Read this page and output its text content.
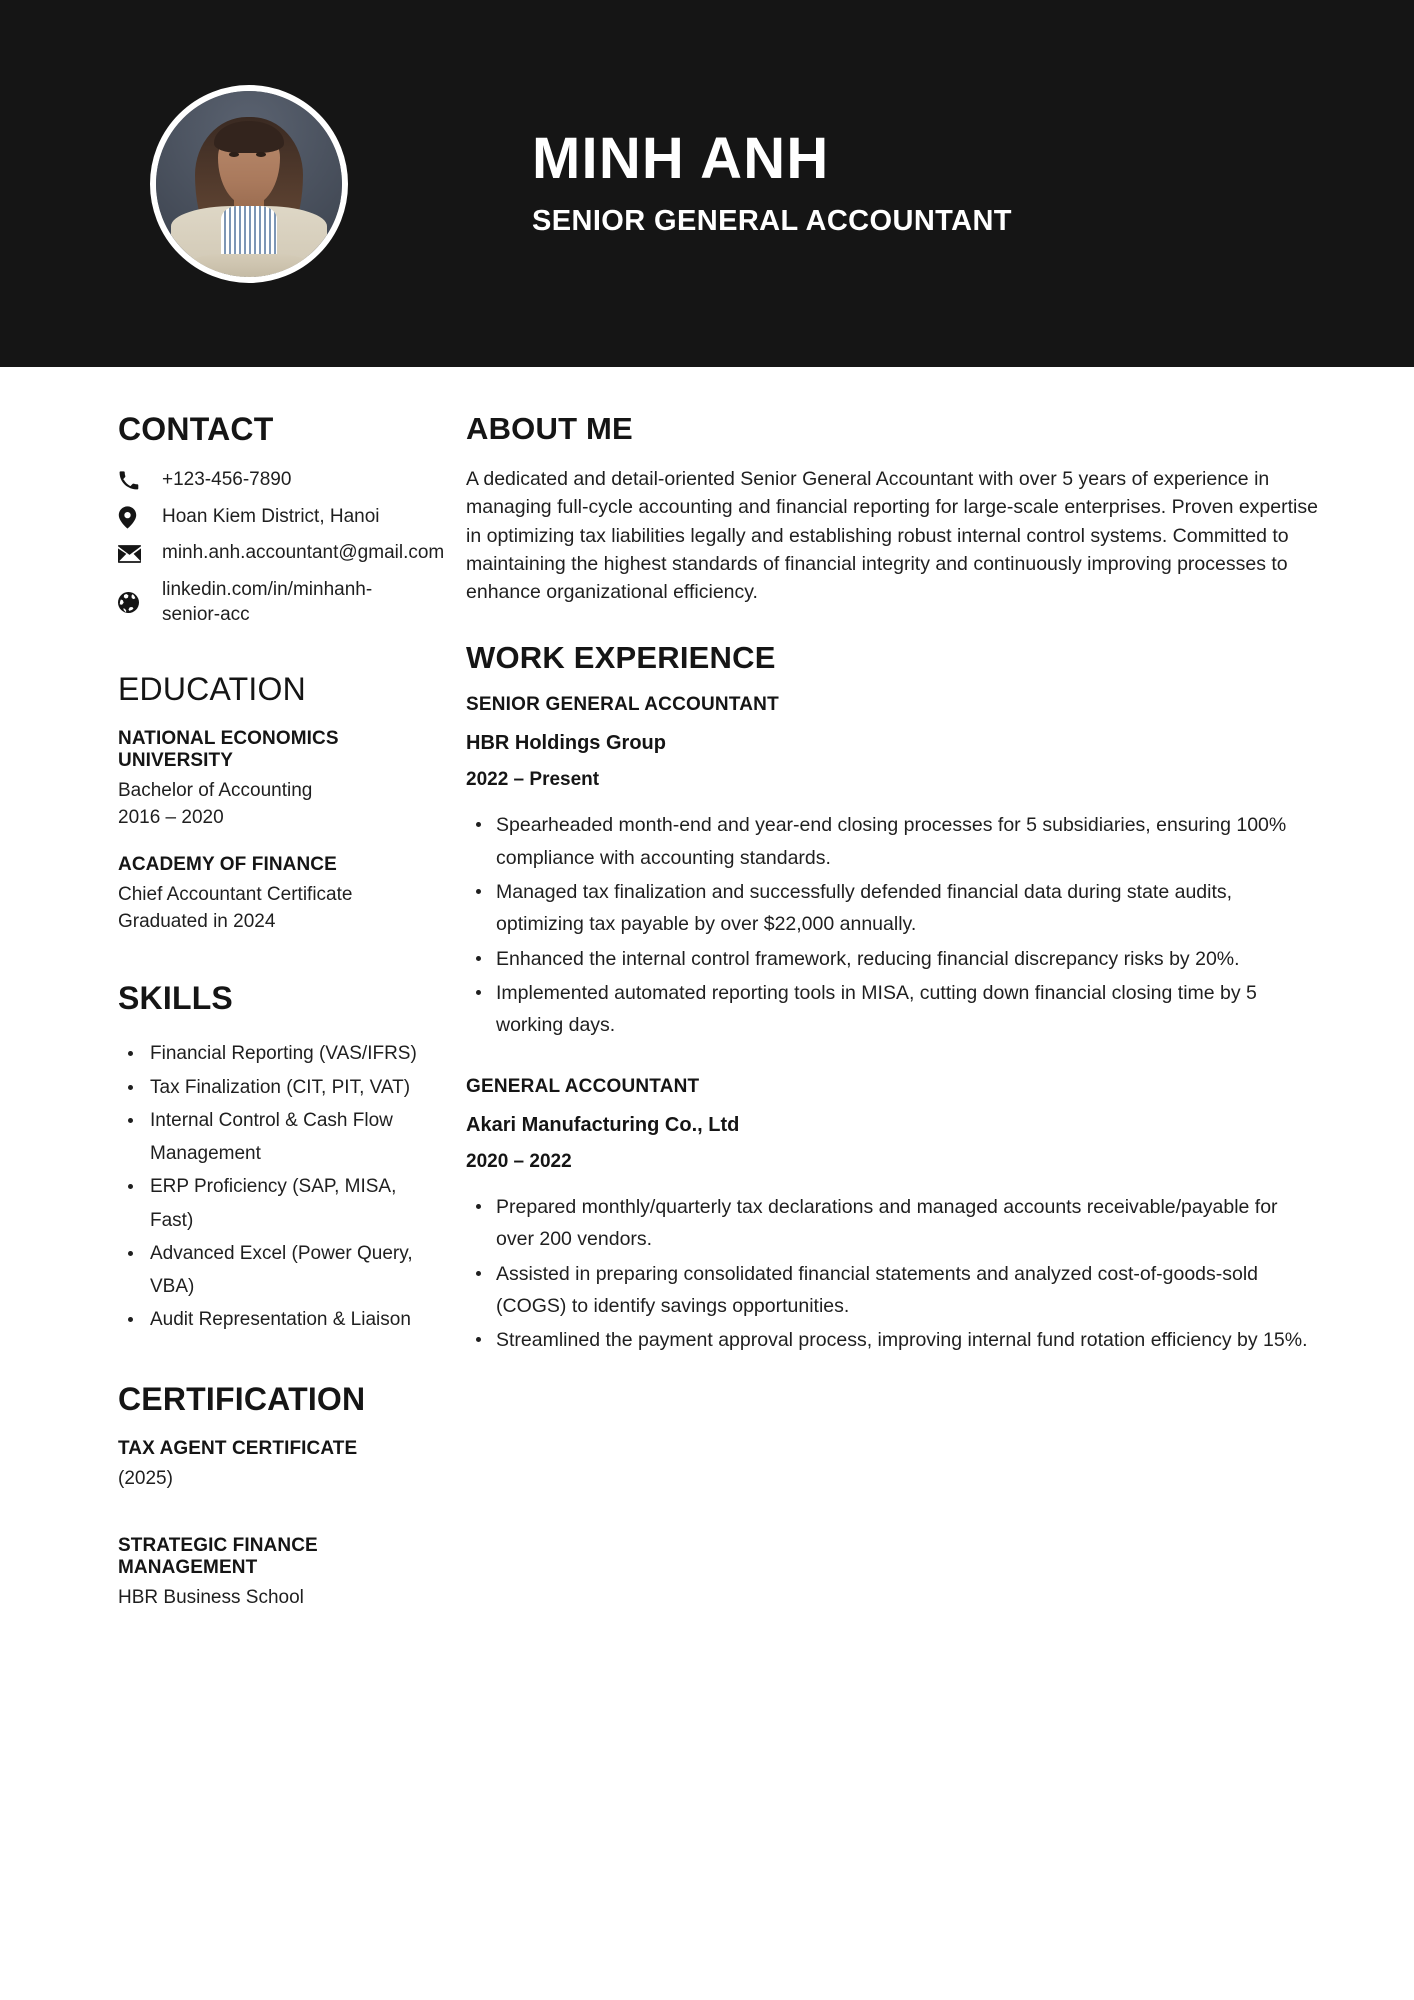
MINH ANH
SENIOR GENERAL ACCOUNTANT
CONTACT
+123-456-7890
Hoan Kiem District, Hanoi
minh.anh.accountant@gmail.com
linkedin.com/in/minhanh-senior-acc
EDUCATION
NATIONAL ECONOMICS UNIVERSITY

Bachelor of Accounting

2016 – 2020

ACADEMY OF FINANCE

Chief Accountant Certificate

Graduated in 2024

SKILLS
Financial Reporting (VAS/IFRS)
Tax Finalization (CIT, PIT, VAT)
Internal Control & Cash Flow Management
ERP Proficiency (SAP, MISA, Fast)
Advanced Excel (Power Query, VBA)
Audit Representation & Liaison
CERTIFICATION
TAX AGENT CERTIFICATE

(2025)

STRATEGIC FINANCE MANAGEMENT

HBR Business School

ABOUT ME

A dedicated and detail-oriented Senior General Accountant with over 5 years of experience in managing full-cycle accounting and financial reporting for large-scale enterprises. Proven expertise in optimizing tax liabilities legally and establishing robust internal control systems. Committed to maintaining the highest standards of financial integrity and continuously improving processes to enhance organizational efficiency.

WORK EXPERIENCE
SENIOR GENERAL ACCOUNTANT
HBR Holdings Group
2022 – Present
Spearheaded month-end and year-end closing processes for 5 subsidiaries, ensuring 100% compliance with accounting standards.
Managed tax finalization and successfully defended financial data during state audits, optimizing tax payable by over $22,000 annually.
Enhanced the internal control framework, reducing financial discrepancy risks by 20%.
Implemented automated reporting tools in MISA, cutting down financial closing time by 5 working days.
GENERAL ACCOUNTANT
Akari Manufacturing Co., Ltd
2020 – 2022
Prepared monthly/quarterly tax declarations and managed accounts receivable/payable for over 200 vendors.
Assisted in preparing consolidated financial statements and analyzed cost-of-goods-sold (COGS) to identify savings opportunities.
Streamlined the payment approval process, improving internal fund rotation efficiency by 15%.
